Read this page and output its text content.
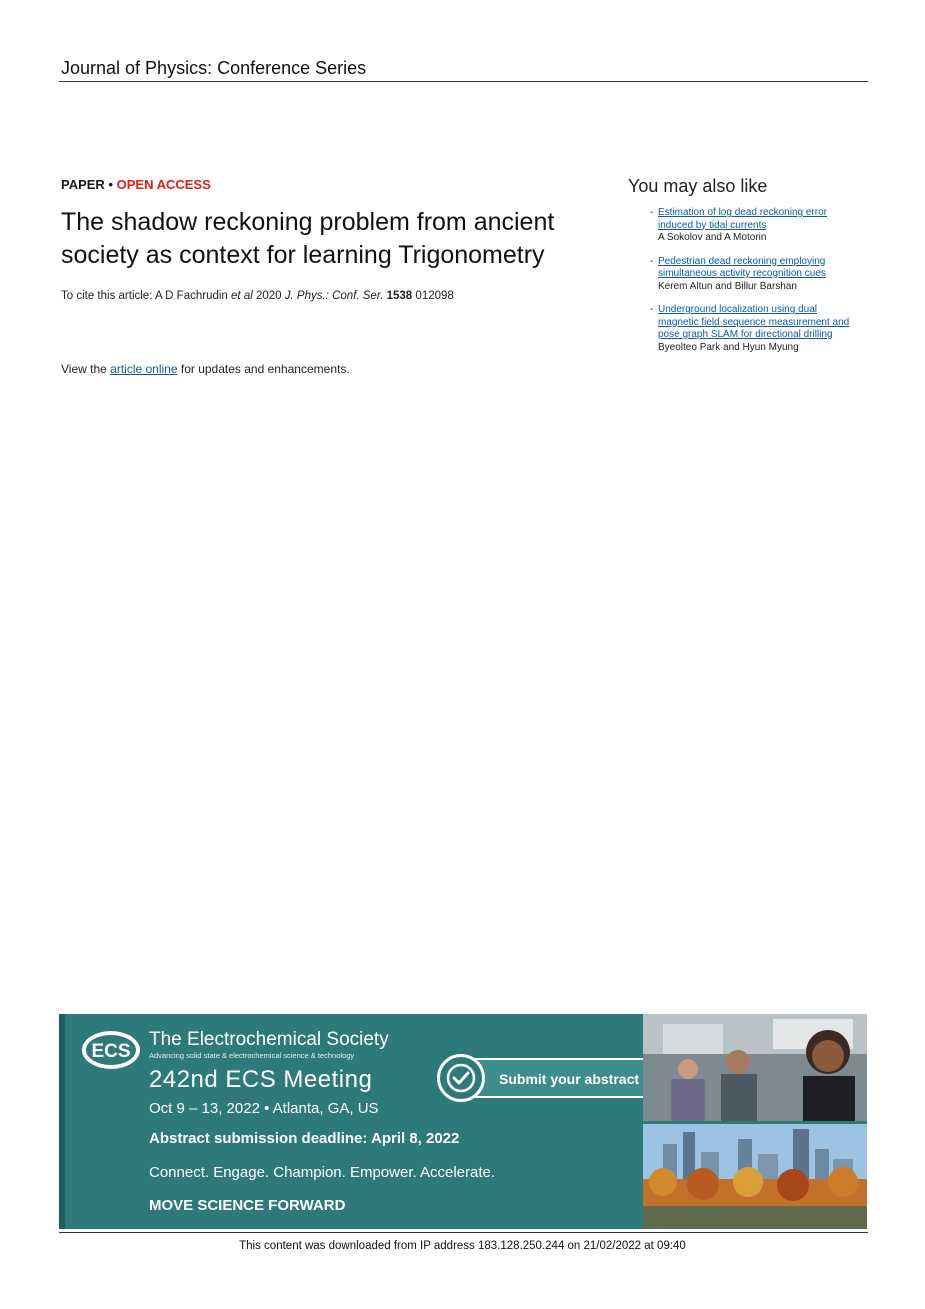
Journal of Physics: Conference Series
PAPER • OPEN ACCESS
The shadow reckoning problem from ancient society as context for learning Trigonometry
To cite this article: A D Fachrudin et al 2020 J. Phys.: Conf. Ser. 1538 012098
View the article online for updates and enhancements.
You may also like
- Estimation of log dead reckoning error induced by tidal currents
A Sokolov and A Motorin
- Pedestrian dead reckoning employing simultaneous activity recognition cues
Kerem Altun and Billur Barshan
- Underground localization using dual magnetic field sequence measurement and pose graph SLAM for directional drilling
Byeolteo Park and Hyun Myung
ECS
The Electrochemical Society
Advancing solid state & electrochemical science & technology
242nd ECS Meeting
Oct 9 – 13, 2022 • Atlanta, GA, US
Abstract submission deadline: April 8, 2022
Connect. Engage. Champion. Empower. Accelerate.
MOVE SCIENCE FORWARD
Submit your abstract
This content was downloaded from IP address 183.128.250.244 on 21/02/2022 at 09:40
